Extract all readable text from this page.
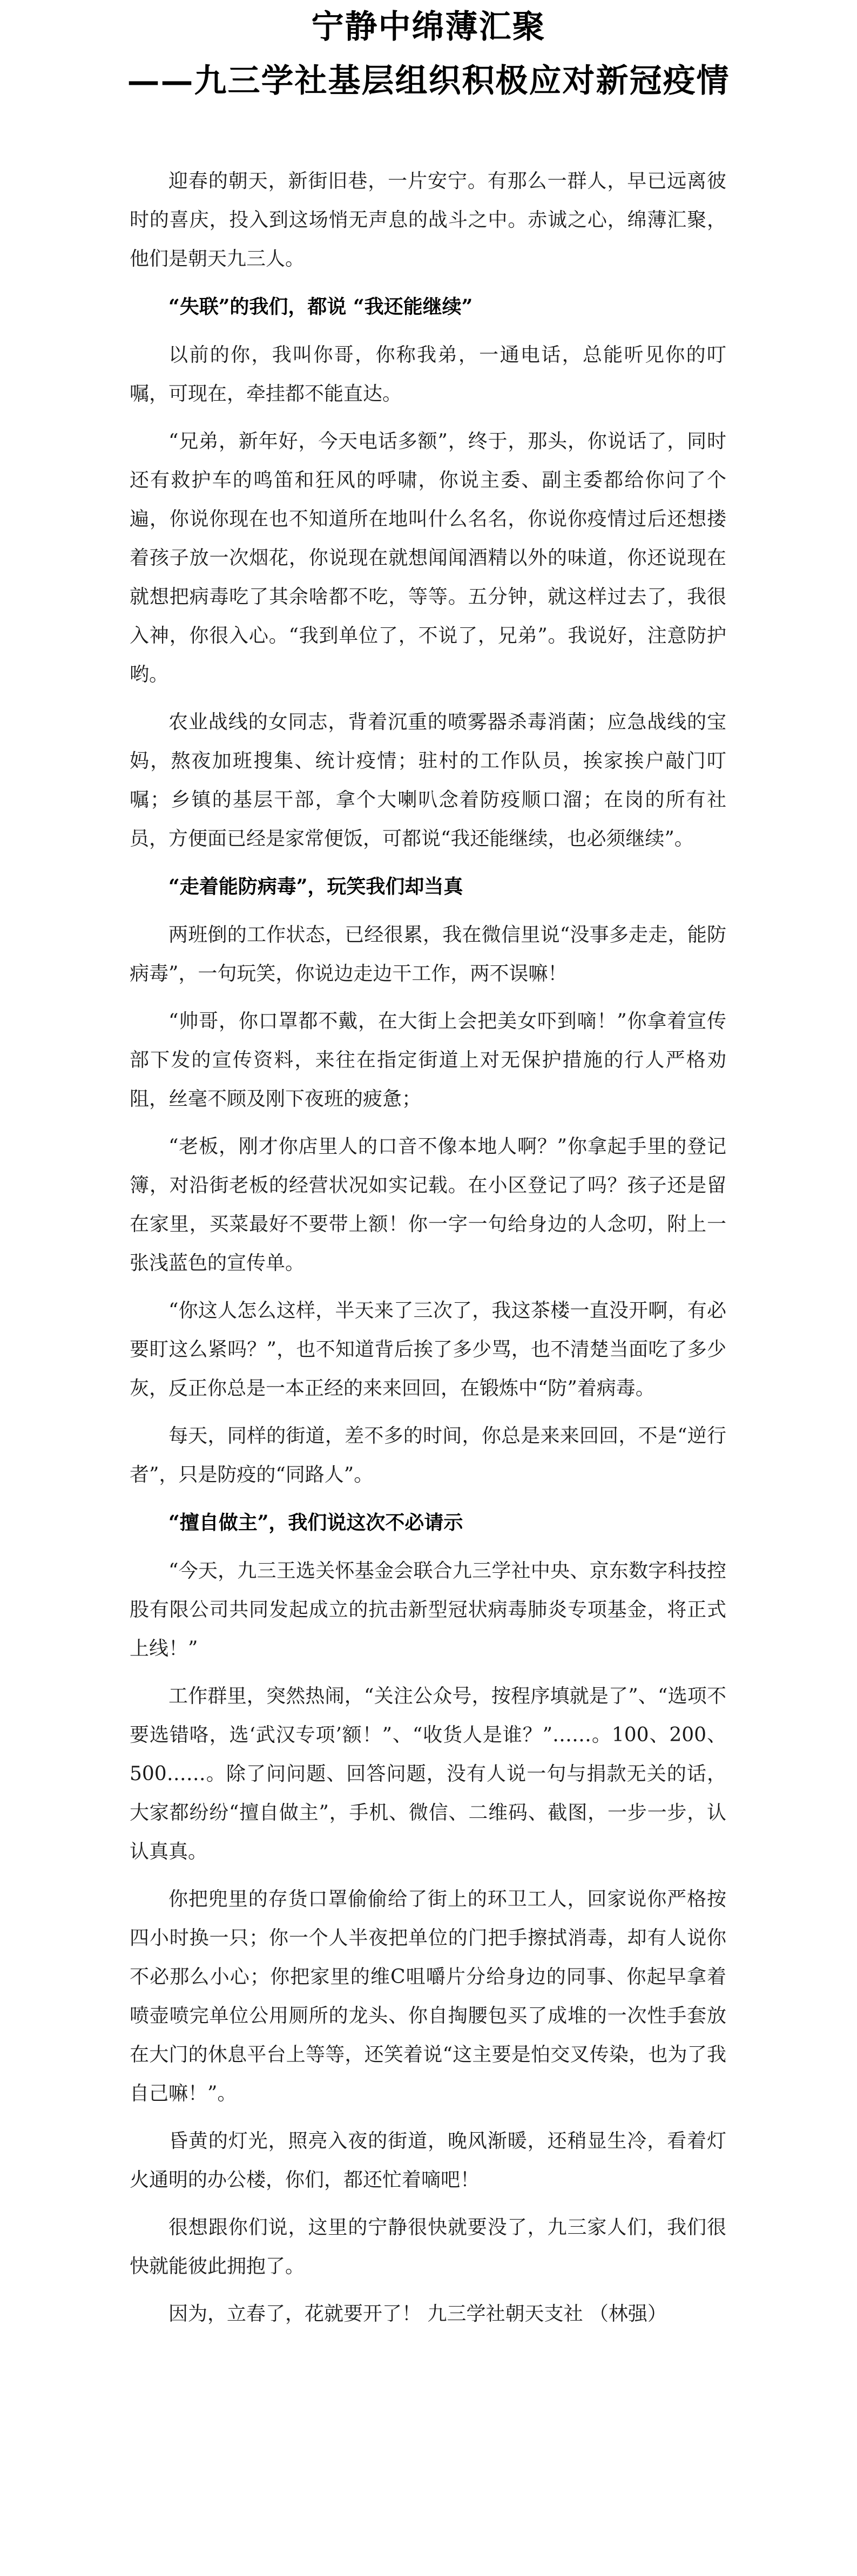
宁静中绵薄汇聚
——九三学社基层组织积极应对新冠疫情

迎春的朝天，新街旧巷，一片安宁。有那么一群人，早已远离彼时的喜庆，投入到这场悄无声息的战斗之中。赤诚之心，绵薄汇聚，他们是朝天九三人。

“失联”的我们，都说 “我还能继续”

以前的你，我叫你哥，你称我弟，一通电话，总能听见你的叮嘱，可现在，牵挂都不能直达。

“兄弟，新年好，今天电话多额”，终于，那头，你说话了，同时还有救护车的鸣笛和狂风的呼啸，你说主委、副主委都给你问了个遍，你说你现在也不知道所在地叫什么名名，你说你疫情过后还想搂着孩子放一次烟花，你说现在就想闻闻酒精以外的味道，你还说现在就想把病毒吃了其余啥都不吃，等等。五分钟，就这样过去了，我很入神，你很入心。“我到单位了，不说了，兄弟”。我说好，注意防护哟。

农业战线的女同志，背着沉重的喷雾器杀毒消菌；应急战线的宝妈，熬夜加班搜集、统计疫情；驻村的工作队员，挨家挨户敲门叮嘱；乡镇的基层干部，拿个大喇叭念着防疫顺口溜；在岗的所有社员，方便面已经是家常便饭，可都说“我还能继续，也必须继续”。

“走着能防病毒”，玩笑我们却当真

两班倒的工作状态，已经很累，我在微信里说“没事多走走，能防病毒”，一句玩笑，你说边走边干工作，两不误嘛！

“帅哥，你口罩都不戴，在大街上会把美女吓到嘀！”你拿着宣传部下发的宣传资料，来往在指定街道上对无保护措施的行人严格劝阻，丝毫不顾及刚下夜班的疲惫；

“老板，刚才你店里人的口音不像本地人啊？”你拿起手里的登记簿，对沿街老板的经营状况如实记载。在小区登记了吗？孩子还是留在家里，买菜最好不要带上额！你一字一句给身边的人念叨，附上一张浅蓝色的宣传单。

“你这人怎么这样，半天来了三次了，我这茶楼一直没开啊，有必要盯这么紧吗？”，也不知道背后挨了多少骂，也不清楚当面吃了多少灰，反正你总是一本正经的来来回回，在锻炼中“防”着病毒。

每天，同样的街道，差不多的时间，你总是来来回回，不是“逆行者”，只是防疫的“同路人”。

“擅自做主”，我们说这次不必请示

“今天，九三王选关怀基金会联合九三学社中央、京东数字科技控股有限公司共同发起成立的抗击新型冠状病毒肺炎专项基金，将正式上线！”

工作群里，突然热闹，“关注公众号，按程序填就是了”、“选项不要选错咯，选‘武汉专项’额！”、“收货人是谁？”……。100、200、500……。除了问问题、回答问题，没有人说一句与捐款无关的话，大家都纷纷“擅自做主”，手机、微信、二维码、截图，一步一步，认认真真。

你把兜里的存货口罩偷偷给了街上的环卫工人，回家说你严格按四小时换一只；你一个人半夜把单位的门把手擦拭消毒，却有人说你不必那么小心；你把家里的维C咀嚼片分给身边的同事、你起早拿着喷壶喷完单位公用厕所的龙头、你自掏腰包买了成堆的一次性手套放在大门的休息平台上等等，还笑着说“这主要是怕交叉传染，也为了我自己嘛！”。

昏黄的灯光，照亮入夜的街道，晚风渐暖，还稍显生冷，看着灯火通明的办公楼，你们，都还忙着嘀吧！

很想跟你们说，这里的宁静很快就要没了，九三家人们，我们很快就能彼此拥抱了。

因为，立春了，花就要开了！ 九三学社朝天支社 （林强）
